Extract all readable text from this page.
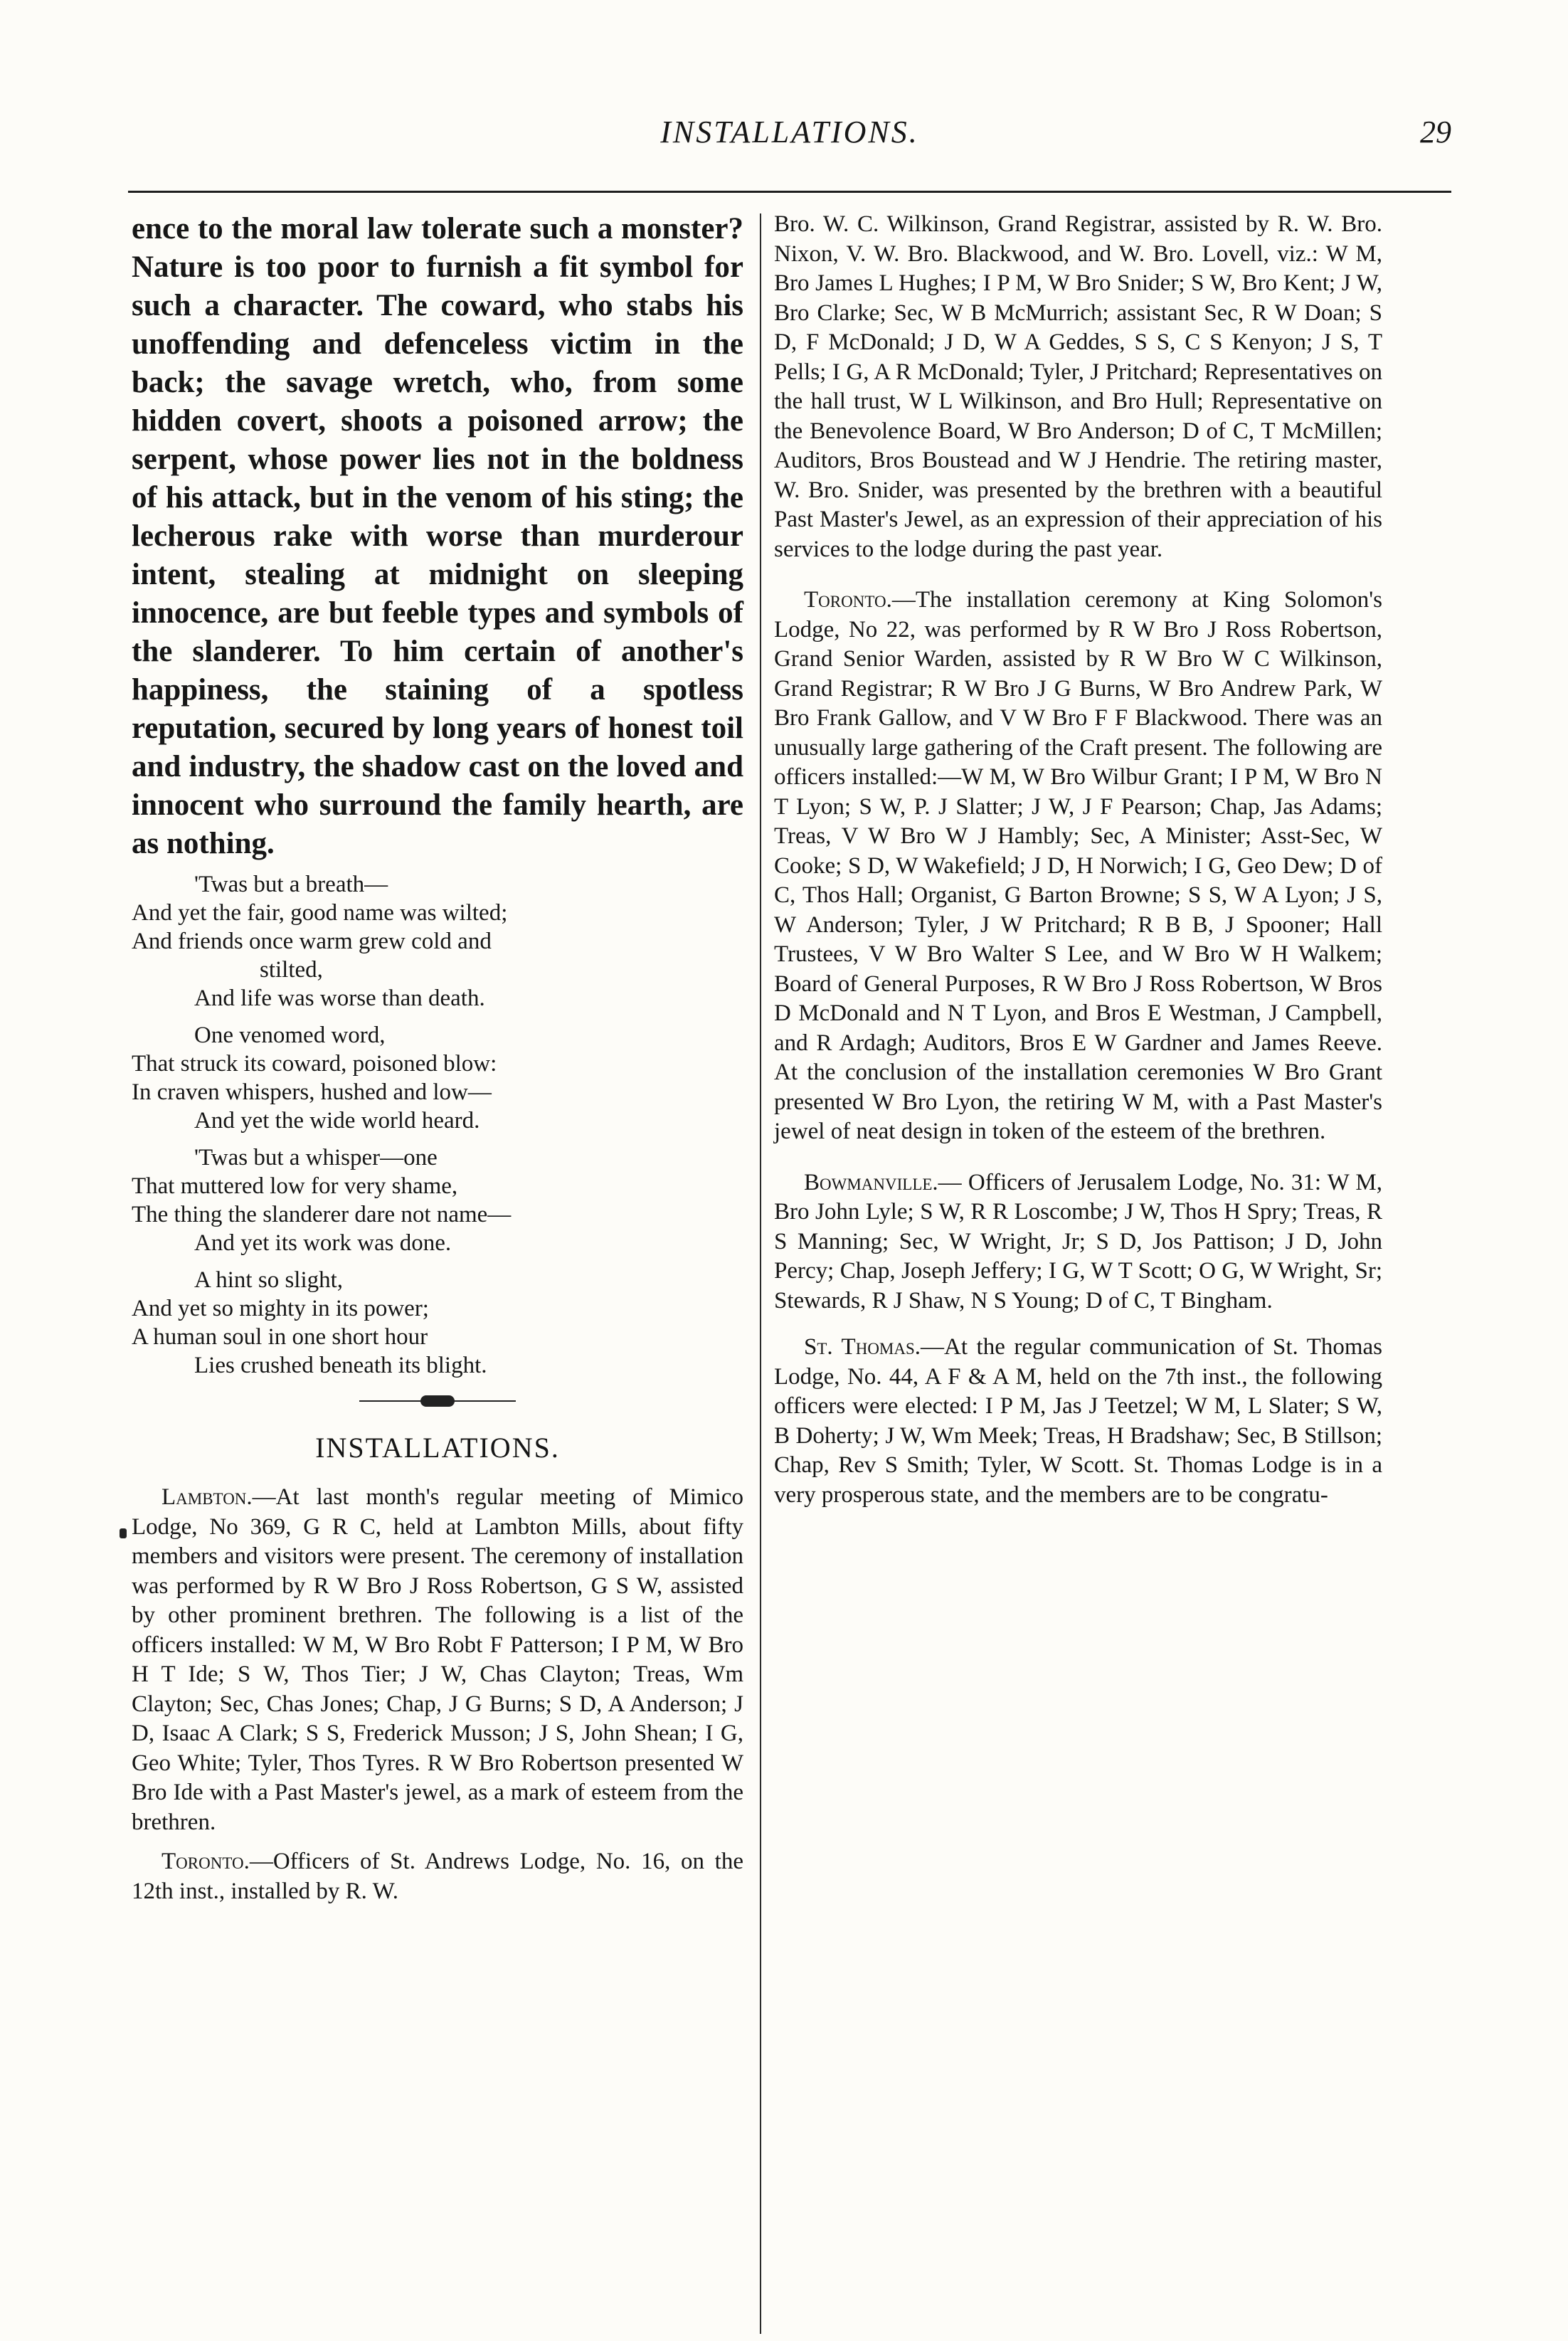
INSTALLATIONS.	29

ence to the moral law tolerate such a monster? Nature is too poor to furnish a fit symbol for such a character. The coward, who stabs his unoffending and defenceless victim in the back; the savage wretch, who, from some hidden covert, shoots a poisoned arrow; the serpent, whose power lies not in the boldness of his attack, but in the venom of his sting; the lecherous rake with worse than murderour intent, stealing at midnight on sleeping innocence, are but feeble types and symbols of the slanderer. To him certain of another's happiness, the staining of a spotless reputation, secured by long years of honest toil and industry, the shadow cast on the loved and innocent who surround the family hearth, are as nothing.

'Twas but a breath—
And yet the fair, good name was wilted;
And friends once warm grew cold and
stilted,
And life was worse than death.
One venomed word,
That struck its coward, poisoned blow:
In craven whispers, hushed and low—
And yet the wide world heard.
'Twas but a whisper—one
That muttered low for very shame,
The thing the slanderer dare not name—
And yet its work was done.
A hint so slight,
And yet so mighty in its power;
A human soul in one short hour
Lies crushed beneath its blight.
INSTALLATIONS.

Lambton.—At last month's regular meeting of Mimico Lodge, No 369, G R C, held at Lambton Mills, about fifty members and visitors were present. The ceremony of installation was performed by R W Bro J Ross Robertson, G S W, assisted by other prominent brethren. The following is a list of the officers installed: W M, W Bro Robt F Patterson; I P M, W Bro H T Ide; S W, Thos Tier; J W, Chas Clayton; Treas, Wm Clayton; Sec, Chas Jones; Chap, J G Burns; S D, A Anderson; J D, Isaac A Clark; S S, Frederick Musson; J S, John Shean; I G, Geo White; Tyler, Thos Tyres. R W Bro Robertson presented W Bro Ide with a Past Master's jewel, as a mark of esteem from the brethren.

Toronto.—Officers of St. Andrews Lodge, No. 16, on the 12th inst., installed by R. W.

Bro. W. C. Wilkinson, Grand Registrar, assisted by R. W. Bro. Nixon, V. W. Bro. Blackwood, and W. Bro. Lovell, viz.: W M, Bro James L Hughes; I P M, W Bro Snider; S W, Bro Kent; J W, Bro Clarke; Sec, W B McMurrich; assistant Sec, R W Doan; S D, F McDonald; J D, W A Geddes, S S, C S Kenyon; J S, T Pells; I G, A R McDonald; Tyler, J Pritchard; Representatives on the hall trust, W L Wilkinson, and Bro Hull; Representative on the Benevolence Board, W Bro Anderson; D of C, T McMillen; Auditors, Bros Boustead and W J Hendrie. The retiring master, W. Bro. Snider, was presented by the brethren with a beautiful Past Master's Jewel, as an expression of their appreciation of his services to the lodge during the past year.

Toronto.—The installation ceremony at King Solomon's Lodge, No 22, was performed by R W Bro J Ross Robertson, Grand Senior Warden, assisted by R W Bro W C Wilkinson, Grand Registrar; R W Bro J G Burns, W Bro Andrew Park, W Bro Frank Gallow, and V W Bro F F Blackwood. There was an unusually large gathering of the Craft present. The following are officers installed:—W M, W Bro Wilbur Grant; I P M, W Bro N T Lyon; S W, P. J Slatter; J W, J F Pearson; Chap, Jas Adams; Treas, V W Bro W J Hambly; Sec, A Minister; Asst-Sec, W Cooke; S D, W Wakefield; J D, H Norwich; I G, Geo Dew; D of C, Thos Hall; Organist, G Barton Browne; S S, W A Lyon; J S, W Anderson; Tyler, J W Pritchard; R B B, J Spooner; Hall Trustees, V W Bro Walter S Lee, and W Bro W H Walkem; Board of General Purposes, R W Bro J Ross Robertson, W Bros D McDonald and N T Lyon, and Bros E Westman, J Campbell, and R Ardagh; Auditors, Bros E W Gardner and James Reeve. At the conclusion of the installation ceremonies W Bro Grant presented W Bro Lyon, the retiring W M, with a Past Master's jewel of neat design in token of the esteem of the brethren.

Bowmanville.— Officers of Jerusalem Lodge, No. 31: W M, Bro John Lyle; S W, R R Loscombe; J W, Thos H Spry; Treas, R S Manning; Sec, W Wright, Jr; S D, Jos Pattison; J D, John Percy; Chap, Joseph Jeffery; I G, W T Scott; O G, W Wright, Sr; Stewards, R J Shaw, N S Young; D of C, T Bingham.

St. Thomas.—At the regular communication of St. Thomas Lodge, No. 44, A F & A M, held on the 7th inst., the following officers were elected: I P M, Jas J Teetzel; W M, L Slater; S W, B Doherty; J W, Wm Meek; Treas, H Bradshaw; Sec, B Stillson; Chap, Rev S Smith; Tyler, W Scott. St. Thomas Lodge is in a very prosperous state, and the members are to be congratu-
